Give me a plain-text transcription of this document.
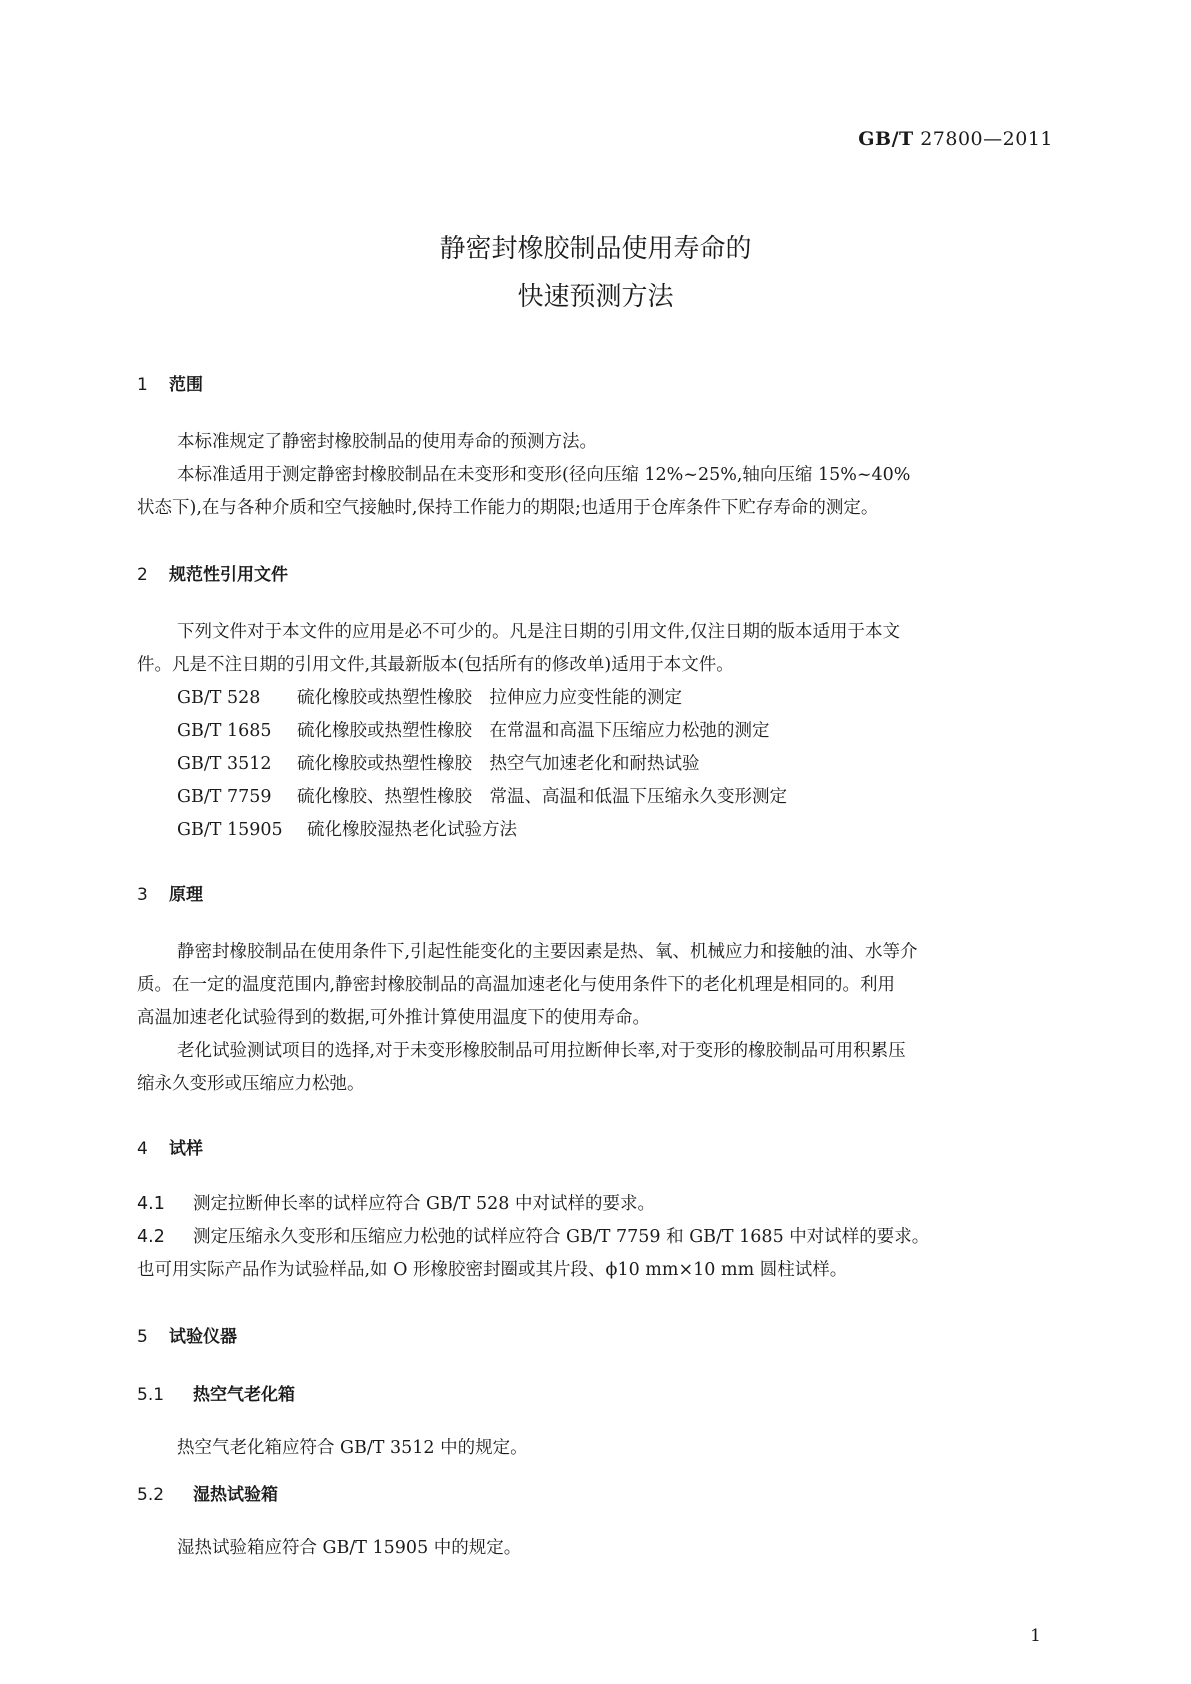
GB/T 27800—2011
静密封橡胶制品使用寿命的
快速预测方法
1 范围
本标准规定了静密封橡胶制品的使用寿命的预测方法。
本标准适用于测定静密封橡胶制品在未变形和变形(径向压缩 12%~25%,轴向压缩 15%~40%
状态下),在与各种介质和空气接触时,保持工作能力的期限;也适用于仓库条件下贮存寿命的测定。
2 规范性引用文件
下列文件对于本文件的应用是必不可少的。凡是注日期的引用文件,仅注日期的版本适用于本文
件。凡是不注日期的引用文件,其最新版本(包括所有的修改单)适用于本文件。
GB/T 528 硫化橡胶或热塑性橡胶　拉伸应力应变性能的测定
GB/T 1685 硫化橡胶或热塑性橡胶　在常温和高温下压缩应力松弛的测定
GB/T 3512 硫化橡胶或热塑性橡胶　热空气加速老化和耐热试验
GB/T 7759 硫化橡胶、热塑性橡胶　常温、高温和低温下压缩永久变形测定
GB/T 15905 硫化橡胶湿热老化试验方法
3 原理
静密封橡胶制品在使用条件下,引起性能变化的主要因素是热、氧、机械应力和接触的油、水等介
质。在一定的温度范围内,静密封橡胶制品的高温加速老化与使用条件下的老化机理是相同的。利用
高温加速老化试验得到的数据,可外推计算使用温度下的使用寿命。
老化试验测试项目的选择,对于未变形橡胶制品可用拉断伸长率,对于变形的橡胶制品可用积累压
缩永久变形或压缩应力松弛。
4 试样
4.1 测定拉断伸长率的试样应符合 GB/T 528 中对试样的要求。
4.2 测定压缩永久变形和压缩应力松弛的试样应符合 GB/T 7759 和 GB/T 1685 中对试样的要求。
也可用实际产品作为试验样品,如 O 形橡胶密封圈或其片段、ϕ10 mm×10 mm 圆柱试样。
5 试验仪器
5.1 热空气老化箱
热空气老化箱应符合 GB/T 3512 中的规定。
5.2 湿热试验箱
湿热试验箱应符合 GB/T 15905 中的规定。
1
